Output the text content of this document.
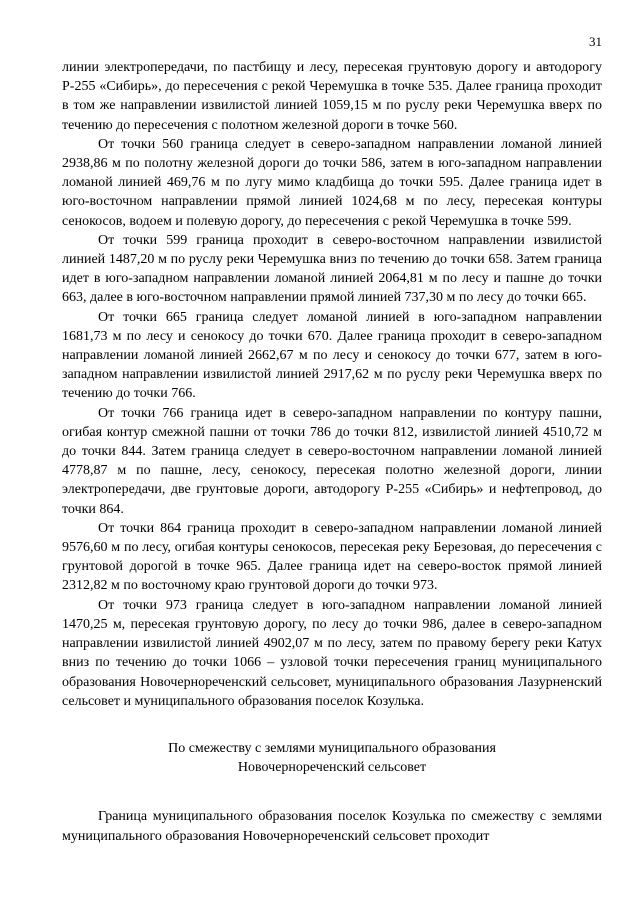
31

линии электропередачи, по пастбищу и лесу, пересекая грунтовую дорогу и автодорогу Р-255 «Сибирь», до пересечения с рекой Черемушка в точке 535. Далее граница проходит в том же направлении извилистой линией 1059,15 м по руслу реки Черемушка вверх по течению до пересечения с полотном железной дороги в точке 560.

От точки 560 граница следует в северо-западном направлении ломаной линией 2938,86 м по полотну железной дороги до точки 586, затем в юго-западном направлении ломаной линией 469,76 м по лугу мимо кладбища до точки 595. Далее граница идет в юго-восточном направлении прямой линией 1024,68 м по лесу, пересекая контуры сенокосов, водоем и полевую дорогу, до пересечения с рекой Черемушка в точке 599.

От точки 599 граница проходит в северо-восточном направлении извилистой линией 1487,20 м по руслу реки Черемушка вниз по течению до точки 658. Затем граница идет в юго-западном направлении ломаной линией 2064,81 м по лесу и пашне до точки 663, далее в юго-восточном направлении прямой линией 737,30 м по лесу до точки 665.

От точки 665 граница следует ломаной линией в юго-западном направлении 1681,73 м по лесу и сенокосу до точки 670. Далее граница проходит в северо-западном направлении ломаной линией 2662,67 м по лесу и сенокосу до точки 677, затем в юго-западном направлении извилистой линией 2917,62 м по руслу реки Черемушка вверх по течению до точки 766.

От точки 766 граница идет в северо-западном направлении по контуру пашни, огибая контур смежной пашни от точки 786 до точки 812, извилистой линией 4510,72 м до точки 844. Затем граница следует в северо-восточном направлении ломаной линией 4778,87 м по пашне, лесу, сенокосу, пересекая полотно железной дороги, линии электропередачи, две грунтовые дороги, автодорогу Р-255 «Сибирь» и нефтепровод, до точки 864.

От точки 864 граница проходит в северо-западном направлении ломаной линией 9576,60 м по лесу, огибая контуры сенокосов, пересекая реку Березовая, до пересечения с грунтовой дорогой в точке 965. Далее граница идет на северо-восток прямой линией 2312,82 м по восточному краю грунтовой дороги до точки 973.

От точки 973 граница следует в юго-западном направлении ломаной линией 1470,25 м, пересекая грунтовую дорогу, по лесу до точки 986, далее в северо-западном направлении извилистой линией 4902,07 м по лесу, затем по правому берегу реки Катух вниз по течению до точки 1066 – узловой точки пересечения границ муниципального образования Новочернореченский сельсовет, муниципального образования Лазурненский сельсовет и муниципального образования поселок Козулька.

По смежеству с землями муниципального образования
Новочернореченский сельсовет

Граница муниципального образования поселок Козулька по смежеству с землями муниципального образования Новочернореченский сельсовет проходит
